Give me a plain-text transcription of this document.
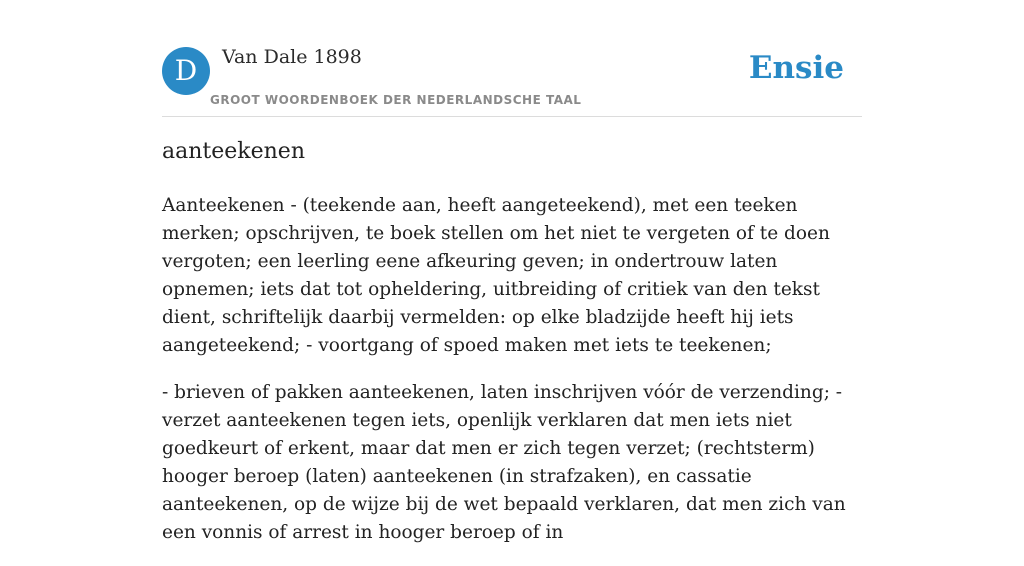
D	Van Dale 1898
GROOT WOORDENBOEK DER NEDERLANDSCHE TAAL
Ensie
aanteekenen

Aanteekenen - (teekende aan, heeft aangeteekend), met een teeken merken; opschrijven, te boek stellen om het niet te vergeten of te doen vergoten; een leerling eene afkeuring geven; in ondertrouw laten opnemen; iets dat tot opheldering, uitbreiding of critiek van den tekst dient, schriftelijk daarbij vermelden: op elke bladzijde heeft hij iets aangeteekend; - voortgang of spoed maken met iets te teekenen;

- brieven of pakken aanteekenen, laten inschrijven vóór de verzending; - verzet aanteekenen tegen iets, openlijk verklaren dat men iets niet goedkeurt of erkent, maar dat men er zich tegen verzet; (rechtsterm) hooger beroep (laten) aanteekenen (in strafzaken), en cassatie aanteekenen, op de wijze bij de wet bepaald verklaren, dat men zich van een vonnis of arrest in hooger beroep of in
